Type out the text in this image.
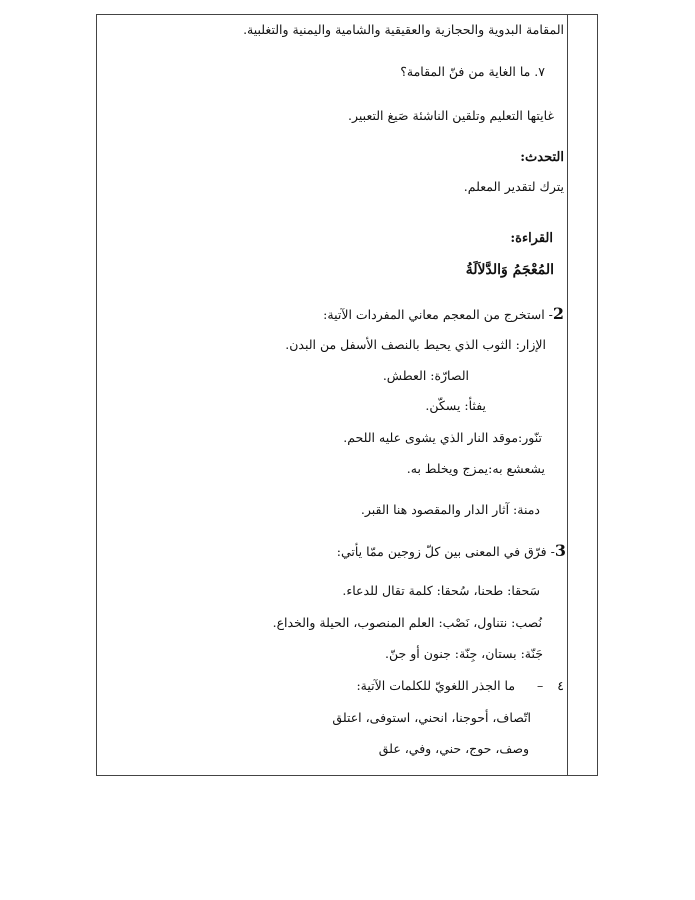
المقامة البدوية والحجازية والعقيقية والشامية واليمنية والتغلبية.
٧. ما الغاية من فنّ المقامة؟
غايتها التعليم وتلقين الناشئة صَيغ التعبير.
التحدث:
يترك لتقدير المعلم.
القراءة:
المُعْجَمُ وَالدَّلاَلَةُ
2- استخرج من المعجم معاني المفردات الآتية:
الإزار: الثوب الذي يحيط بالنصف الأسفل من البدن.
الصارّة: العطش.
يفثأ: يسكّن.
تنّور:موقد النار الذي يشوى عليه اللحم.
يشعشع به:يمزج ويخلط به.
دمنة: آثار الدار والمقصود هنا القبر.
3- فرّق في المعنى بين كلّ زوجين ممّا يأتي:
سَحقا: طحنا، سُحقا: كلمة تقال للدعاء.
نُصب: نتناول، نَصْب: العلم المنصوب، الحيلة والخداع.
جَنّة: بستان، جِنّة: جنون أو جنّ.
٤ – ما الجذر اللغويّ للكلمات الآتية:
اتّصاف، أحوجنا، انحني، استوفى، اعتلق
وصف، حوج، حني، وفي، علق
